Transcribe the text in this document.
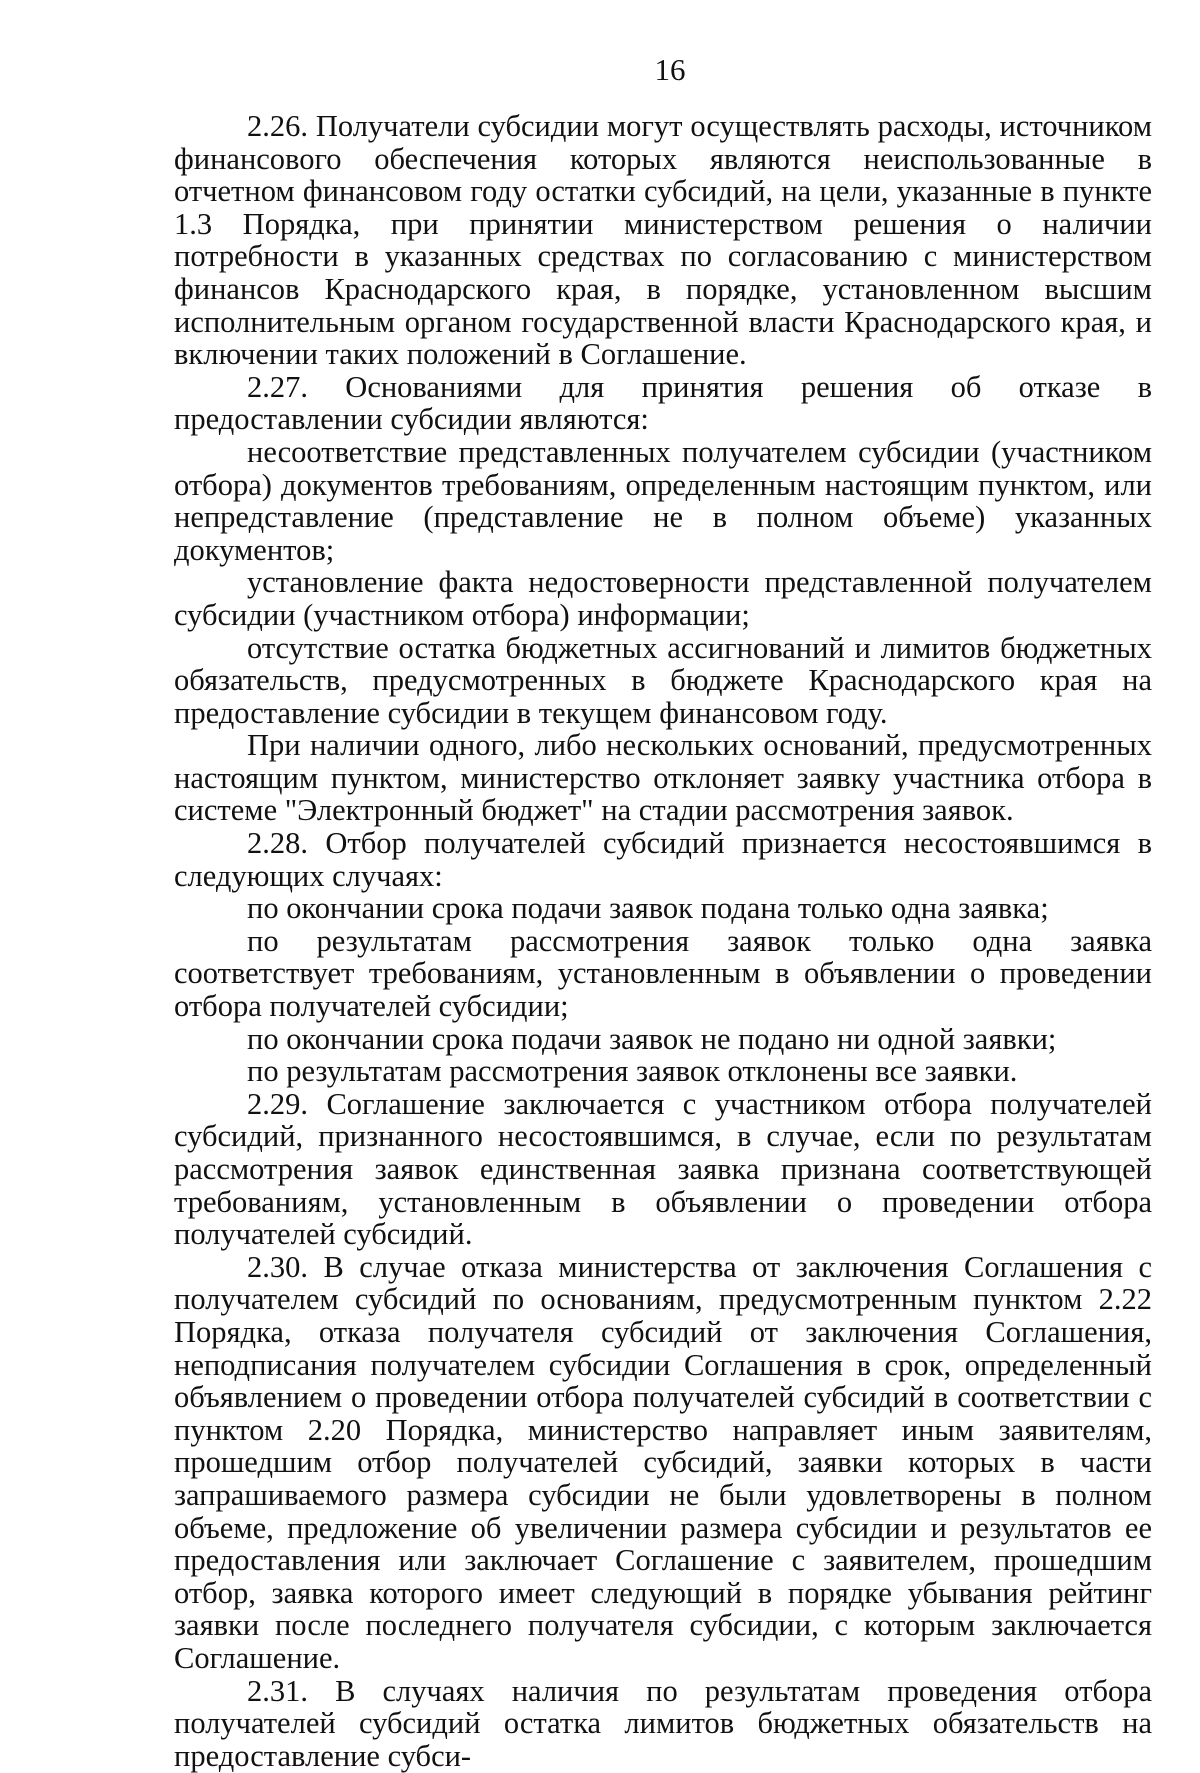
16

2.26. Получатели субсидии могут осуществлять расходы, источником финансового обеспечения которых являются неиспользованные в отчетном финансовом году остатки субсидий, на цели, указанные в пункте 1.3 Порядка, при принятии министерством решения о наличии потребности в указанных средствах по согласованию с министерством финансов Краснодарского края, в порядке, установленном высшим исполнительным органом государственной власти Краснодарского края, и включении таких положений в Соглашение.

2.27. Основаниями для принятия решения об отказе в предоставлении субсидии являются:

несоответствие представленных получателем субсидии (участником отбора) документов требованиям, определенным настоящим пунктом, или непредставление (представление не в полном объеме) указанных документов;

установление факта недостоверности представленной получателем субсидии (участником отбора) информации;

отсутствие остатка бюджетных ассигнований и лимитов бюджетных обязательств, предусмотренных в бюджете Краснодарского края на предоставление субсидии в текущем финансовом году.

При наличии одного, либо нескольких оснований, предусмотренных настоящим пунктом, министерство отклоняет заявку участника отбора в системе "Электронный бюджет" на стадии рассмотрения заявок.

2.28. Отбор получателей субсидий признается несостоявшимся в следующих случаях:

по окончании срока подачи заявок подана только одна заявка;

по результатам рассмотрения заявок только одна заявка соответствует требованиям, установленным в объявлении о проведении отбора получателей субсидии;

по окончании срока подачи заявок не подано ни одной заявки;

по результатам рассмотрения заявок отклонены все заявки.

2.29. Соглашение заключается с участником отбора получателей субсидий, признанного несостоявшимся, в случае, если по результатам рассмотрения заявок единственная заявка признана соответствующей требованиям, установленным в объявлении о проведении отбора получателей субсидий.

2.30. В случае отказа министерства от заключения Соглашения с получателем субсидий по основаниям, предусмотренным пунктом 2.22 Порядка, отказа получателя субсидий от заключения Соглашения, неподписания получателем субсидии Соглашения в срок, определенный объявлением о проведении отбора получателей субсидий в соответствии с пунктом 2.20 Порядка, министерство направляет иным заявителям, прошедшим отбор получателей субсидий, заявки которых в части запрашиваемого размера субсидии не были удовлетворены в полном объеме, предложение об увеличении размера субсидии и результатов ее предоставления или заключает Соглашение с заявителем, прошедшим отбор, заявка которого имеет следующий в порядке убывания рейтинг заявки после последнего получателя субсидии, с которым заключается Соглашение.

2.31. В случаях наличия по результатам проведения отбора получателей субсидий остатка лимитов бюджетных обязательств на предоставление субси-
